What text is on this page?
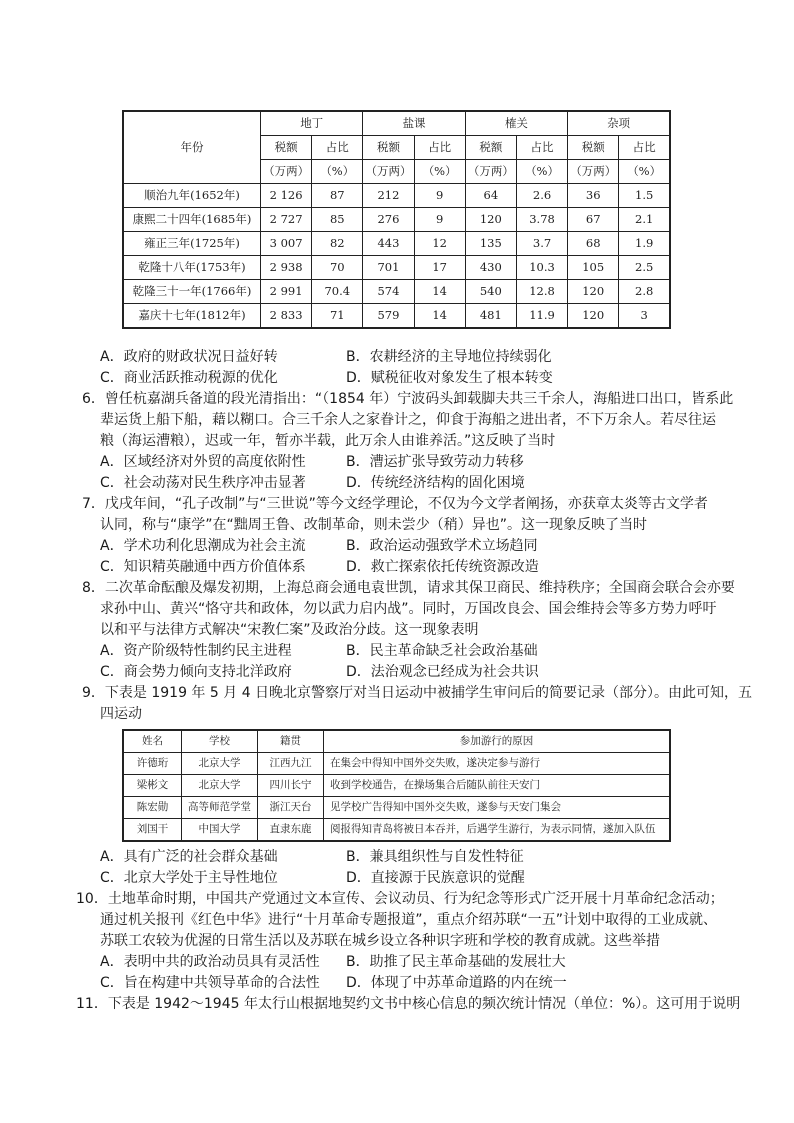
年份	地丁		盐课		榷关		杂项	
	税额	占比	税额	占比	税额	占比	税额	占比
	（万两）	（%）	（万两）	（%）	（万两）	（%）	（万两）	（%）
顺治九年(1652年)	2 126	87	212	9	64	2.6	36	1.5
康熙二十四年(1685年)	2 727	85	276	9	120	3.78	67	2.1
雍正三年(1725年)	3 007	82	443	12	135	3.7	68	1.9
乾隆十八年(1753年)	2 938	70	701	17	430	10.3	105	2.5
乾隆三十一年(1766年)	2 991	70.4	574	14	540	12.8	120	2.8
嘉庆十七年(1812年)	2 833	71	579	14	481	11.9	120	3
A．政府的财政状况日益好转	B．农耕经济的主导地位持续弱化
C．商业活跃推动税源的优化	D．赋税征收对象发生了根本转变
6．曾任杭嘉湖兵备道的段光清指出：“（1854 年）宁波码头卸载脚夫共三千余人，海船进口出口，皆系此
辈运货上船下船，藉以糊口。合三千余人之家眷计之，仰食于海船之进出者，不下万余人。若尽往运
粮（海运漕粮），迟或一年，暂亦半载，此万余人由谁养活。”这反映了当时
A．区域经济对外贸的高度依附性	B．漕运扩张导致劳动力转移
C．社会动荡对民生秩序冲击显著	D．传统经济结构的固化困境
7．戊戌年间，“孔子改制”与“三世说”等今文经学理论，不仅为今文学者阐扬，亦获章太炎等古文学者
认同，称与“康学”在“黜周王鲁、改制革命，则未尝少（稍）异也”。这一现象反映了当时
A．学术功利化思潮成为社会主流	B．政治运动强致学术立场趋同
C．知识精英融通中西方价值体系	D．救亡探索依托传统资源改造
8．二次革命酝酿及爆发初期，上海总商会通电袁世凯，请求其保卫商民、维持秩序；全国商会联合会亦要
求孙中山、黄兴“恪守共和政体，勿以武力启内战”。同时，万国改良会、国会维持会等多方势力呼吁
以和平与法律方式解决“宋教仁案”及政治分歧。这一现象表明
A．资产阶级特性制约民主进程	B．民主革命缺乏社会政治基础
C．商会势力倾向支持北洋政府	D．法治观念已经成为社会共识
9．下表是 1919 年 5 月 4 日晚北京警察厅对当日运动中被捕学生审问后的简要记录（部分）。由此可知，五
四运动
姓名	学校	籍贯	参加游行的原因
许德珩	北京大学	江西九江	在集会中得知中国外交失败，遂决定参与游行
梁彬文	北京大学	四川长宁	收到学校通告，在操场集合后随队前往天安门
陈宏勋	高等师范学堂	浙江天台	见学校广告得知中国外交失败，遂参与天安门集会
刘国干	中国大学	直隶东鹿	阅报得知青岛将被日本吞并，后遇学生游行，为表示同情，遂加入队伍
A．具有广泛的社会群众基础	B．兼具组织性与自发性特征
C．北京大学处于主导性地位	D．直接源于民族意识的觉醒
10．土地革命时期，中国共产党通过文本宣传、会议动员、行为纪念等形式广泛开展十月革命纪念活动；
通过机关报刊《红色中华》进行“十月革命专题报道”，重点介绍苏联“一五”计划中取得的工业成就、
苏联工农较为优渥的日常生活以及苏联在城乡设立各种识字班和学校的教育成就。这些举措
A．表明中共的政治动员具有灵活性 B．助推了民主革命基础的发展壮大
C．旨在构建中共领导革命的合法性 D．体现了中苏革命道路的内在统一
11．下表是 1942～1945 年太行山根据地契约文书中核心信息的频次统计情况（单位：%）。这可用于说明
